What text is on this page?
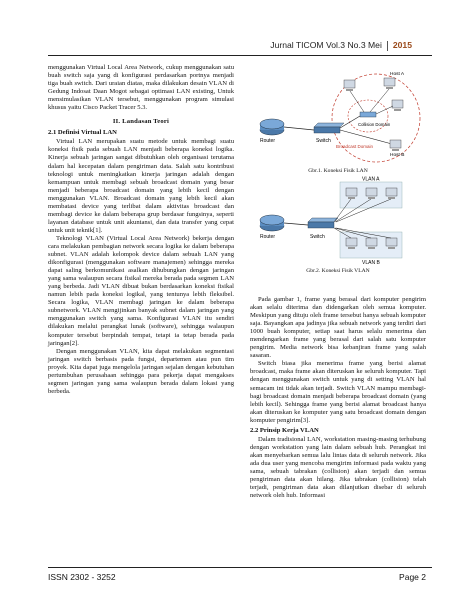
Jurnal TICOM Vol.3 No.3 Mei 2015

menggunakan Virtual Local Area Network, cukup menggunakan satu buah switch saja yang di konfigurasi perdasarkan portnya menjadi tiga buah switch. Dari uraian diatas, maka dilakukan desain VLAN di Gedung Indosat Daan Mogot sebagai optimasi LAN existing, Untuk mensimulasikan VLAN tersebut, menggunakan program simulasi khusus yaitu Cisco Packet Tracer 5.3.

II. Landasan Teori
2.1 Definisi Virtual LAN

Virtual LAN merupakan suatu metode untuk membagi suatu koneksi fisik pada sebuah LAN menjadi beberapa koneksi logika. Kinerja sebuah jaringan sangat dibutuhkan oleh organisasi terutama dalam hal kecepatan dalam pengiriman data. Salah satu kontribusi teknologi untuk meningkatkan kinerja jaringan adalah dengan kemampuan untuk membagi sebuah broadcast domain yang besar menjadi beberapa broadcast domain yang lebih kecil dengan menggunakan VLAN. Broadcast domain yang lebih kecil akan membatasi device yang terlibat dalam aktivitas broadcast dan membagi device ke dalam beberapa grup berdasar fungsinya, seperti layanan database untuk unit akuntansi, dan data transfer yang cepat untuk unit teknik[1].

Teknologi VLAN (Virtual Local Area Network) bekerja dengan cara melakukan pembagian network secara logika ke dalam beberapa subnet. VLAN adalah kelompok device dalam sebuah LAN yang dikonfigurasi (menggunakan software manajemen) sehingga mereka dapat saling berkomunikasi asalkan dihubungkan dengan jaringan yang sama walaupun secara fisikal mereka berada pada segmen LAN yang berbeda. Jadi VLAN dibuat bukan berdasarkan koneksi fisikal namun lebih pada koneksi logikal, yang tentunya lebih fleksibel. Secara logika, VLAN membagi jaringan ke dalam beberapa subnetwork. VLAN mengijinkan banyak subnet dalam jaringan yang menggunakan switch yang sama. Konfigurasi VLAN itu sendiri dilakukan melalui perangkat lunak (software), sehingga walaupun komputer tersebut berpindah tempat, tetapi ia tetap berada pada jaringan[2].

Dengan menggunakan VLAN, kita dapat melakukan segmentasi jaringan switch berbasis pada fungsi, departemen atau pun tim proyek. Kita dapat juga mengelola jaringan sejalan dengan kebutuhan pertumbuhan perusahaan sehingga para pekerja dapat mengakses segmen jaringan yang sama walaupun berada dalam lokasi yang berbeda.

Router	Switch
Host A
Host B
Collision Domain
Broadcast Domain
Gbr.1. Koneksi Fisik LAN
VLAN A
VLAN B
Router	Switch
Gbr.2. Koneksi Fisik VLAN

Pada gambar 1, frame yang berasal dari komputer pengirim akan selalu diterima dan didengarkan oleh semua komputer. Meskipun yang dituju oleh frame tersebut hanya sebuah komputer saja. Bayangkan apa jadinya jika sebuah network yang terdiri dari 1000 buah komputer, setiap saat harus selalu menerima dan mendengarkan frame yang berasal dari salah satu komputer pengirim. Media network bisa kebanjiran frame yang salah sasaran.

Switch biasa jika menerima frame yang berisi alamat broadcast, maka frame akan diteruskan ke seluruh komputer. Tapi dengan menggunakan switch untuk yang di setting VLAN hal semacam ini tidak akan terjadi. Switch VLAN mampu membagi-bagi broadcast domain menjadi beberapa broadcast domain (yang lebih kecil). Sehingga frame yang berisi alamat broadcast hanya akan diteruskan ke komputer yang satu broadcast domain dengan komputer pengirim[3].

2.2 Prinsip Kerja VLAN

Dalam tradisional LAN, workstation masing-masing terhubung dengan workstation yang lain dalam sebuah hub. Perangkat ini akan menyebarkan semua lalu lintas data di seluruh network. Jika ada dua user yang mencoba mengirim informasi pada waktu yang sama, sebuah tabrakan (collision) akan terjadi dan semua pengiriman data akan hilang. Jika tabrakan (collision) telah terjadi, pengiriman data akan dilanjutkan disebar di seluruh network oleh hub. Informasi

ISSN 2302 - 3252	Page 2
